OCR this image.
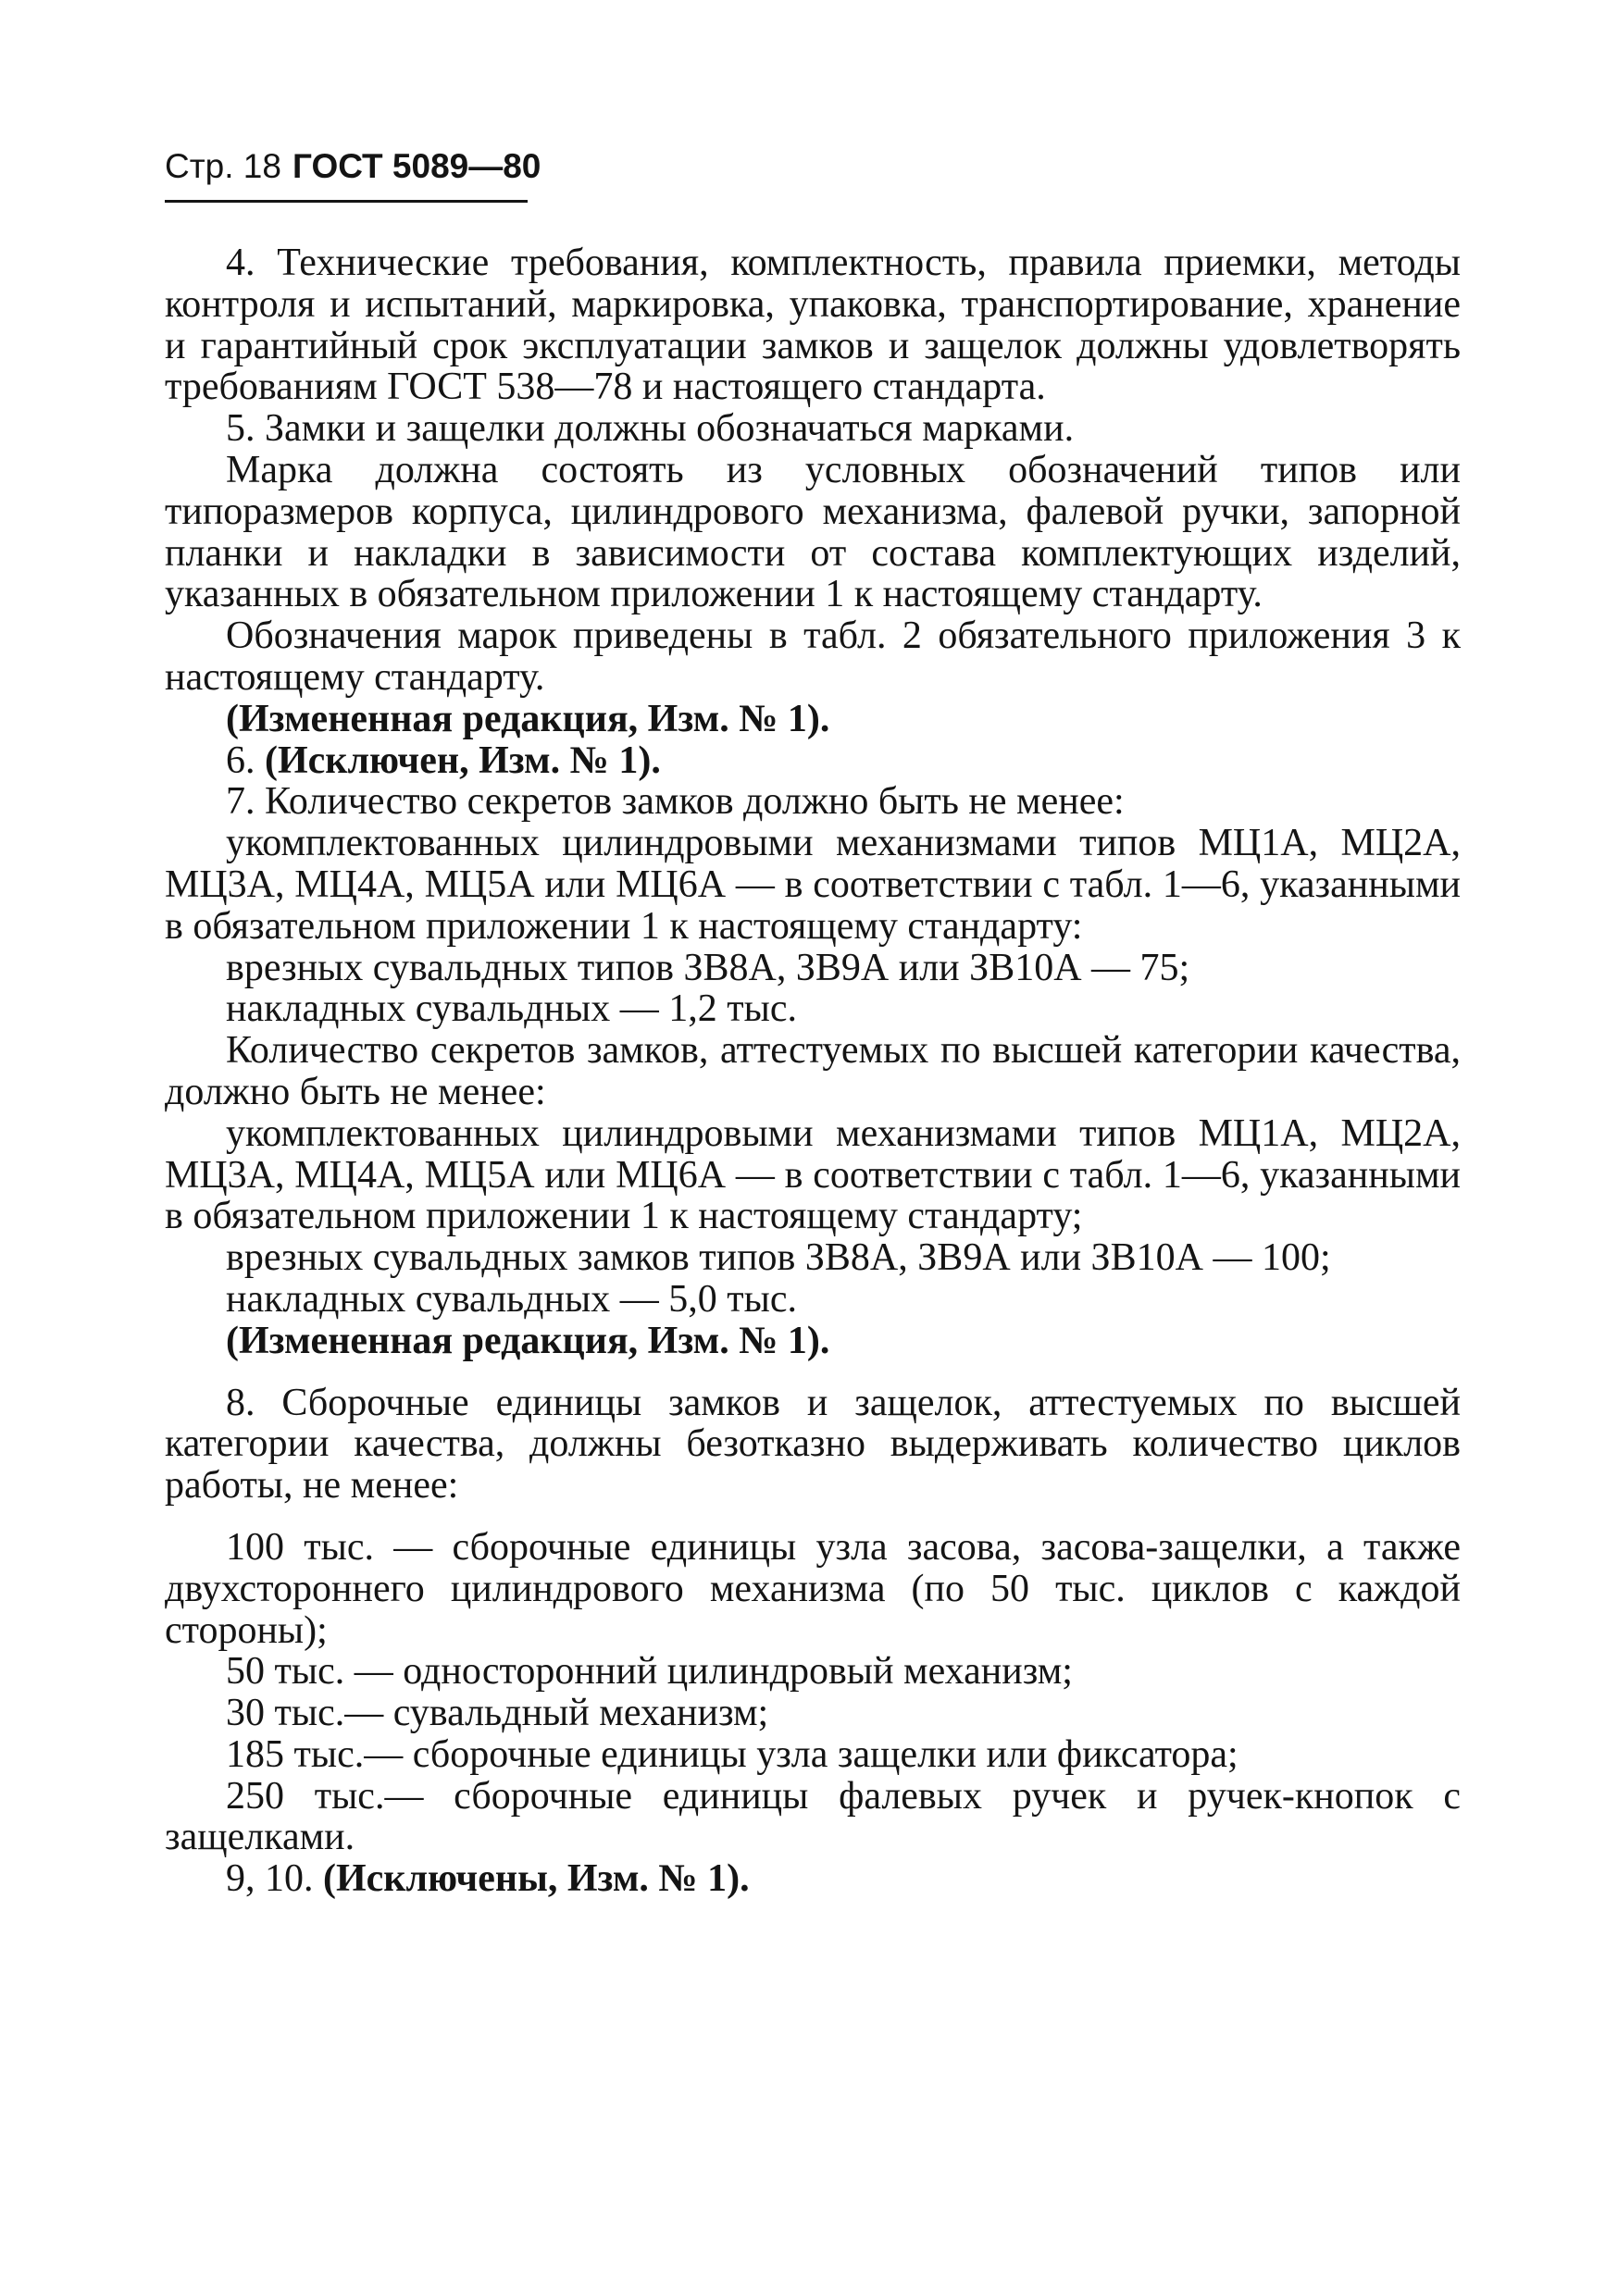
Стр. 18 ГОСТ 5089—80

4. Технические требования, комплектность, правила приемки, методы контроля и испытаний, маркировка, упаковка, транспортирование, хранение и гарантийный срок эксплуатации замков и защелок должны удовлетворять требованиям ГОСТ 538—78 и настоящего стандарта.

5. Замки и защелки должны обозначаться марками.

Марка должна состоять из условных обозначений типов или типоразмеров корпуса, цилиндрового механизма, фалевой ручки, запорной планки и накладки в зависимости от состава комплектующих изделий, указанных в обязательном приложении 1 к настоящему стандарту.

Обозначения марок приведены в табл. 2 обязательного приложения 3 к настоящему стандарту.

(Измененная редакция, Изм. № 1).

6. (Исключен, Изм. № 1).

7. Количество секретов замков должно быть не менее:

укомплектованных цилиндровыми механизмами типов МЦ1А, МЦ2А, МЦ3А, МЦ4А, МЦ5А или МЦ6А — в соответствии с табл. 1—6, указанными в обязательном приложении 1 к настоящему стандарту:

врезных сувальдных типов ЗВ8А, ЗВ9А или ЗВ10А — 75;

накладных сувальдных — 1,2 тыс.

Количество секретов замков, аттестуемых по высшей категории качества, должно быть не менее:

укомплектованных цилиндровыми механизмами типов МЦ1А, МЦ2А, МЦ3А, МЦ4А, МЦ5А или МЦ6А — в соответствии с табл. 1—6, указанными в обязательном приложении 1 к настоящему стандарту;

врезных сувальдных замков типов ЗВ8А, ЗВ9А или ЗВ10А — 100;

накладных сувальдных — 5,0 тыс.

(Измененная редакция, Изм. № 1).

8. Сборочные единицы замков и защелок, аттестуемых по высшей категории качества, должны безотказно выдерживать количество циклов работы, не менее:

100 тыс. — сборочные единицы узла засова, засова-защелки, а также двухстороннего цилиндрового механизма (по 50 тыс. циклов с каждой стороны);

50 тыс. — односторонний цилиндровый механизм;

30 тыс.— сувальдный механизм;

185 тыс.— сборочные единицы узла защелки или фиксатора;

250 тыс.— сборочные единицы фалевых ручек и ручек-кнопок с защелками.

9, 10. (Исключены, Изм. № 1).
